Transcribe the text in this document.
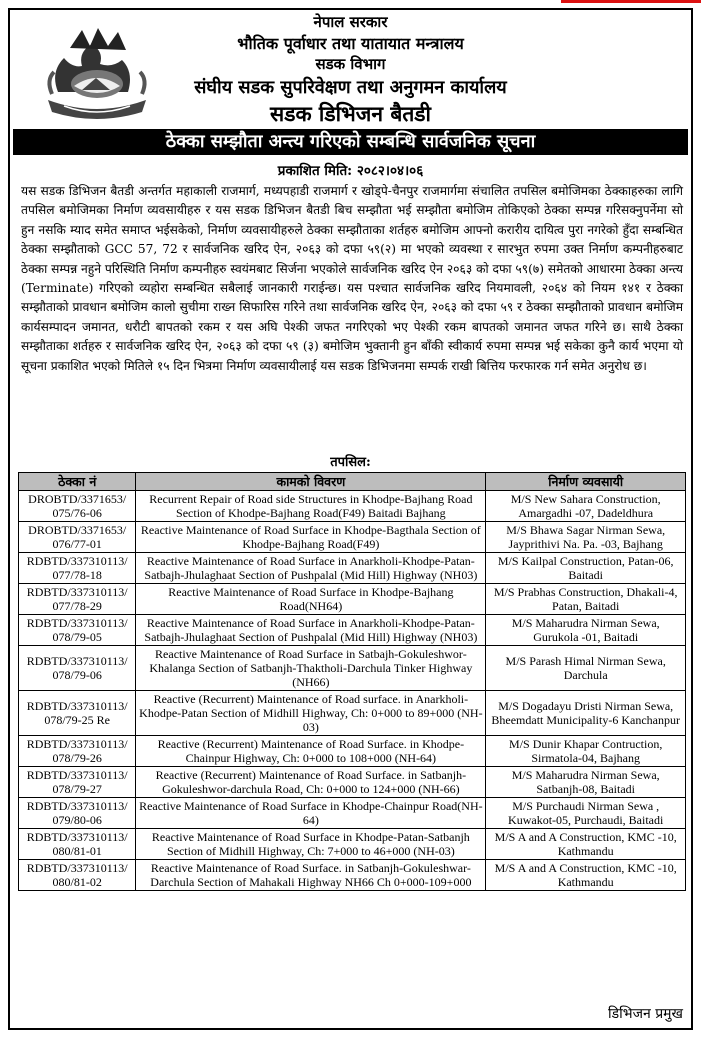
नेपाल सरकार
भौतिक पूर्वाधार तथा यातायात मन्त्रालय
सडक विभाग
संघीय सडक सुपरिवेक्षण तथा अनुगमन कार्यालय
सडक डिभिजन बैतडी
ठेक्का सम्झौता अन्त्य गरिएको सम्बन्धि सार्वजनिक सूचना
प्रकाशित मिति: २०८२।०४।०६
यस सडक डिभिजन बैतडी अन्तर्गत महाकाली राजमार्ग, मध्यपहाडी राजमार्ग र खोड्पे-चैनपुर राजमार्गमा संचालित तपसिल बमोजिमका ठेक्काहरुका लागि तपसिल बमोजिमका निर्माण व्यवसायीहरु र यस सडक डिभिजन बैतडी बिच सम्झौता भई सम्झौता बमोजिम तोकिएको ठेक्का सम्पन्न गरिसक्नुपर्नेमा सो हुन नसकि म्याद समेत समाप्त भईसकेको, निर्माण व्यवसायीहरुले ठेक्का सम्झौताका शर्तहरु बमोजिम आफ्नो करारीय दायित्व पुरा नगरेको हुँदा सम्बन्धित ठेक्का सम्झौताको GCC 57, 72 र सार्वजनिक खरिद ऐन, २०६३ को दफा ५९(२) मा भएको व्यवस्था र सारभुत रुपमा उक्त निर्माण कम्पनीहरुबाट ठेक्का सम्पन्न नहुने परिस्थिति निर्माण कम्पनीहरु स्वयंमबाट सिर्जना भएकोले सार्वजनिक खरिद ऐन २०६३ को दफा ५९(७) समेतको आधारमा ठेक्का अन्त्य (Terminate) गरिएको व्यहोरा सम्बन्धित सबैलाई जानकारी गराईन्छ। यस पश्चात सार्वजनिक खरिद नियमावली, २०६४ को नियम १४१ र ठेक्का सम्झौताको प्रावधान बमोजिम कालो सुचीमा राख्न सिफारिस गरिने तथा सार्वजनिक खरिद ऐन, २०६३ को दफा ५९ र ठेक्का सम्झौताको प्रावधान बमोजिम कार्यसम्पादन जमानत, धरौटी बापतको रकम र यस अघि पेश्की जफत नगरिएको भए पेश्की रकम बापतको जमानत जफत गरिने छ। साथै ठेक्का सम्झौताका शर्तहरु र सार्वजनिक खरिद ऐन, २०६३ को दफा ५९ (३) बमोजिम भुक्तानी हुन बाँकी स्वीकार्य रुपमा सम्पन्न भई सकेका कुनै कार्य भएमा यो सूचना प्रकाशित भएको मितिले १५ दिन भित्रमा निर्माण व्यवसायीलाई यस सडक डिभिजनमा सम्पर्क राखी बित्तिय फरफारक गर्न समेत अनुरोध छ।
तपसिल:
ठेक्का नं	कामको विवरण	निर्माण व्यवसायी
DROBTD/3371653/ 075/76-06	Recurrent Repair of Road side Structures in Khodpe-Bajhang Road Section of Khodpe-Bajhang Road(F49) Baitadi Bajhang	M/S New Sahara Construction, Amargadhi -07, Dadeldhura
DROBTD/3371653/ 076/77-01	Reactive Maintenance of Road Surface in Khodpe-Bagthala Section of Khodpe-Bajhang Road(F49)	M/S Bhawa Sagar Nirman Sewa, Jayprithivi Na. Pa. -03, Bajhang
RDBTD/337310113/ 077/78-18	Reactive Maintenance of Road Surface in Anarkholi-Khodpe-Patan-Satbajh-Jhulaghaat Section of Pushpalal (Mid Hill) Highway (NH03)	M/S Kailpal Construction, Patan-06, Baitadi
RDBTD/337310113/ 077/78-29	Reactive Maintenance of Road Surface in Khodpe-Bajhang Road(NH64)	M/S Prabhas Construction, Dhakali-4, Patan, Baitadi
RDBTD/337310113/ 078/79-05	Reactive Maintenance of Road Surface in Anarkholi-Khodpe-Patan-Satbajh-Jhulaghaat Section of Pushpalal (Mid Hill) Highway (NH03)	M/S Maharudra Nirman Sewa, Gurukola -01, Baitadi
RDBTD/337310113/ 078/79-06	Reactive Maintenance of Road Surface in Satbajh-Gokuleshwor-Khalanga Section of Satbanjh-Thaktholi-Darchula Tinker Highway (NH66)	M/S Parash Himal Nirman Sewa, Darchula
RDBTD/337310113/ 078/79-25 Re	Reactive (Recurrent) Maintenance of Road surface. in Anarkholi-Khodpe-Patan Section of Midhill Highway, Ch: 0+000 to 89+000 (NH-03)	M/S Dogadayu Dristi Nirman Sewa, Bheemdatt Municipality-6 Kanchanpur
RDBTD/337310113/ 078/79-26	Reactive (Recurrent) Maintenance of Road Surface. in Khodpe-Chainpur Highway, Ch: 0+000 to 108+000 (NH-64)	M/S Dunir Khapar Contruction, Sirmatola-04, Bajhang
RDBTD/337310113/ 078/79-27	Reactive (Recurrent) Maintenance of Road Surface. in Satbanjh- Gokuleshwor-darchula Road, Ch: 0+000 to 124+000 (NH-66)	M/S Maharudra Nirman Sewa, Satbanjh-08, Baitadi
RDBTD/337310113/ 079/80-06	Reactive Maintenance of Road Surface in Khodpe-Chainpur Road(NH-64)	M/S Purchaudi Nirman Sewa , Kuwakot-05, Purchaudi, Baitadi
RDBTD/337310113/ 080/81-01	Reactive Maintenance of Road Surface in Khodpe-Patan-Satbanjh Section of Midhill Highway, Ch: 7+000 to 46+000 (NH-03)	M/S A and A Construction, KMC -10, Kathmandu
RDBTD/337310113/ 080/81-02	Reactive Maintenance of Road Surface. in Satbanjh-Gokuleshwar-Darchula Section of Mahakali Highway NH66 Ch 0+000-109+000	M/S A and A Construction, KMC -10, Kathmandu
डिभिजन प्रमुख
